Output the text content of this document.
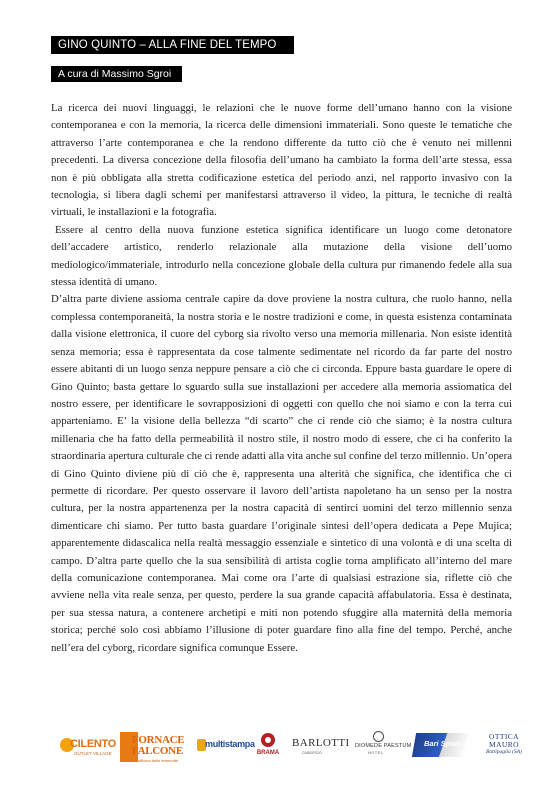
GINO QUINTO – ALLA FINE DEL TEMPO
A cura di Massimo Sgroi

La ricerca dei nuovi linguaggi, le relazioni che le nuove forme dell’umano hanno con la visione contemporanea e con la memoria, la ricerca delle dimensioni immateriali. Sono queste le tematiche che attraverso l’arte contemporanea e che la rendono differente da tutto ciò che è venuto nei millenni precedenti. La diversa concezione della filosofia dell’umano ha cambiato la forma dell’arte stessa, essa non è più obbligata alla stretta codificazione estetica del periodo anzi, nel rapporto invasivo con la tecnologia, si libera dagli schemi per manifestarsi attraverso il video, la pittura, le tecniche di realtà virtuali, le installazioni e la fotografia.

Essere al centro della nuova funzione estetica significa identificare un luogo come detonatore dell’accadere artistico, renderlo relazionale alla mutazione della visione dell’uomo mediologico/immateriale, introdurlo nella concezione globale della cultura pur rimanendo fedele alla sua stessa identità di umano.

D’altra parte diviene assioma centrale capire da dove proviene la nostra cultura, che ruolo hanno, nella complessa contemporaneità, la nostra storia e le nostre tradizioni e come, in questa esistenza contaminata dalla visione elettronica, il cuore del cyborg sia rivolto verso una memoria millenaria. Non esiste identità senza memoria; essa è rappresentata da cose talmente sedimentate nel ricordo da far parte del nostro essere abitanti di un luogo senza neppure pensare a ciò che ci circonda. Eppure basta guardare le opere di Gino Quinto; basta gettare lo sguardo sulla sue installazioni per accedere alla memoria assiomatica del nostro essere, per identificare le sovrapposizioni di oggetti con quello che noi siamo e con la terra cui apparteniamo. E’ la visione della bellezza “di scarto” che ci rende ciò che siamo; è la nostra cultura millenaria che ha fatto della permeabilità il nostro stile, il nostro modo di essere, che ci ha conferito la straordinaria apertura culturale che ci rende adatti alla vita anche sul confine del terzo millennio. Un’opera di Gino Quinto diviene più di ciò che è, rappresenta una alterità che significa, che identifica che ci permette di ricordare. Per questo osservare il lavoro dell’artista napoletano ha un senso per la nostra cultura, per la nostra appartenenza per la nostra capacità di sentirci uomini del terzo millennio senza dimenticare chi siamo. Per tutto basta guardare l’originale sintesi dell’opera dedicata a Pepe Mujica; apparentemente didascalica nella realtà messaggio essenziale e sintetico di una volontà e di una scelta di campo. D’altra parte quello che la sua sensibilità di artista coglie torna amplificato all’interno del mare della comunicazione contemporanea. Mai come ora l’arte di qualsiasi estrazione sia, riflette ciò che avviene nella vita reale senza, per questo, perdere la sua grande capacità affabulatoria. Essa è destinata, per sua stessa natura, a contenere archetipi e miti non potendo sfuggire alla maternità della memoria storica; perché solo così abbiamo l’illusione di poter guardare fino alla fine del tempo. Perché, anche nell’era del cyborg, ricordare significa comunque Essere.

CILENTO
OUTLET VILLAGE
FORNACE
FALCONE
officina delle terrecotte
multistampa
BRAMA
BARLOTTI
CASEIFICIO
DIOMEDE PAESTUM
HOTEL
Bari Sport
OTTICA
MAURO
Battipaglia (SA)
